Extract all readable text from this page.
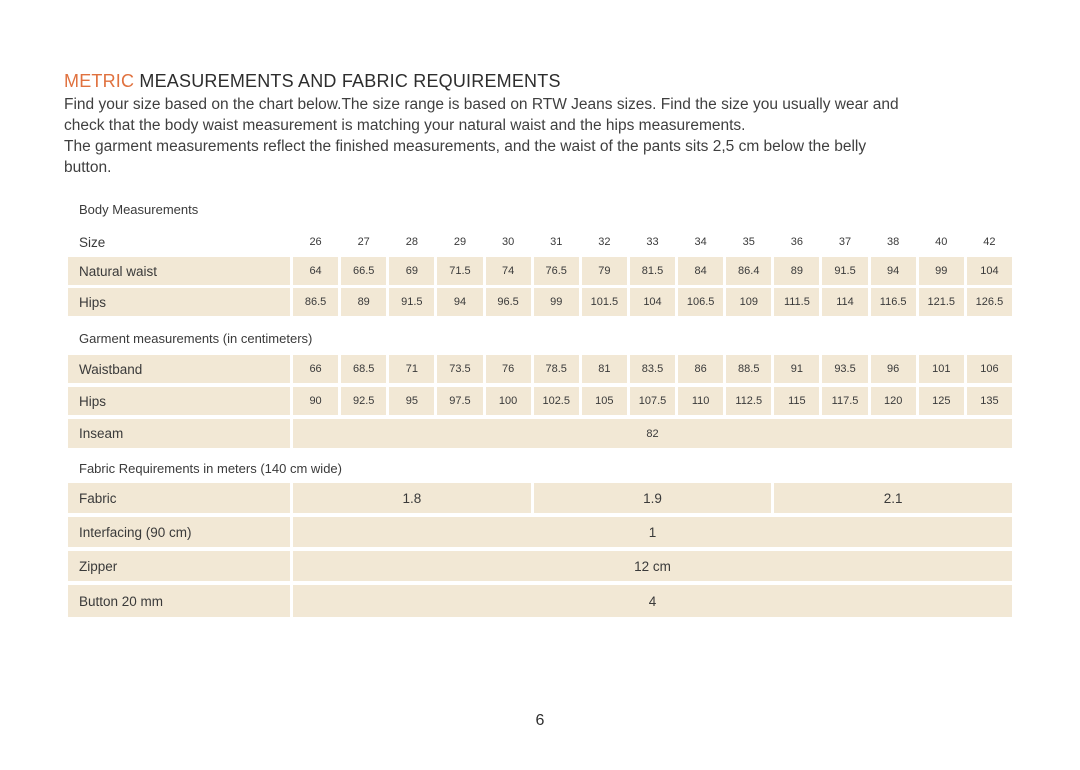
METRIC MEASUREMENTS AND FABRIC REQUIREMENTS
Find your size based on the chart below.The size range is based on RTW Jeans sizes. Find the size you usually wear and
check that the body waist measurement is matching your natural waist and the hips measurements.
The garment measurements reflect the finished measurements, and the waist of the pants sits 2,5 cm below the belly
button.
Body Measurements
Size	26	27	28	29	30	31	32	33	34	35	36	37	38	40	42
Natural waist	64	66.5	69	71.5	74	76.5	79	81.5	84	86.4	89	91.5	94	99	104
Hips	86.5	89	91.5	94	96.5	99	101.5	104	106.5	109	111.5	114	116.5	121.5	126.5
Garment measurements (in centimeters)
Waistband	66	68.5	71	73.5	76	78.5	81	83.5	86	88.5	91	93.5	96	101	106
Hips	90	92.5	95	97.5	100	102.5	105	107.5	110	112.5	115	117.5	120	125	135
Inseam	82
Fabric Requirements in meters (140 cm wide)
Fabric	1.8	1.9	2.1
Interfacing (90 cm)	1
Zipper	12 cm
Button 20 mm	4
6
